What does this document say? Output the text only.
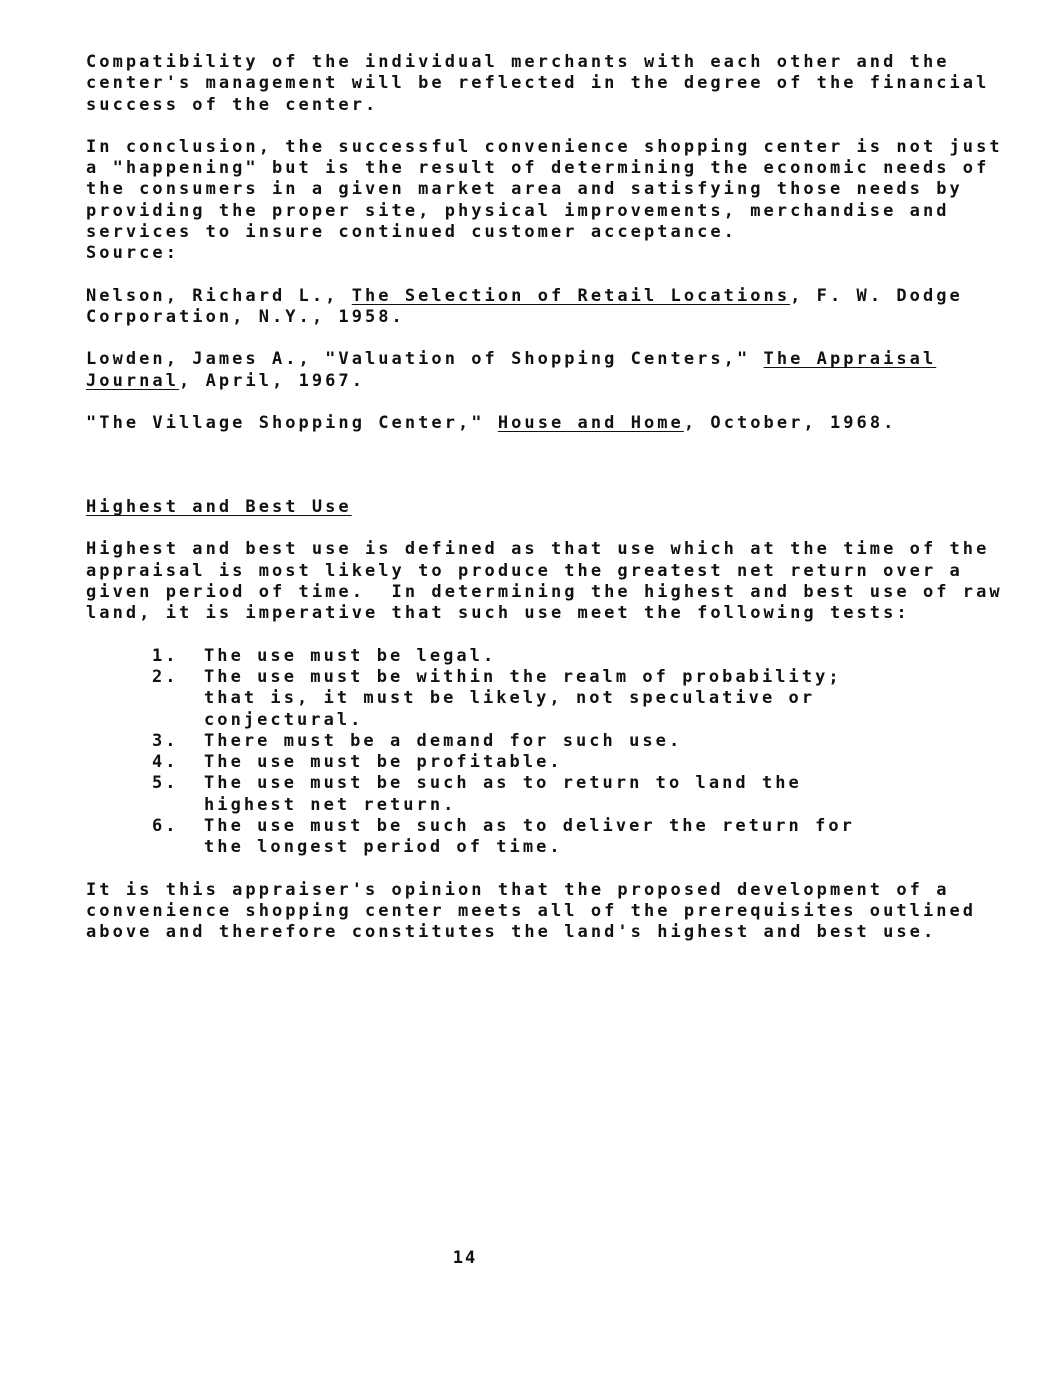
Compatibility of the individual merchants with each other and the
center's management will be reflected in the degree of the financial
success of the center.
In conclusion, the successful convenience shopping center is not just
a "happening" but is the result of determining the economic needs of
the consumers in a given market area and satisfying those needs by
providing the proper site, physical improvements, merchandise and
services to insure continued customer acceptance.
Source:
Nelson, Richard L., The Selection of Retail Locations, F. W. Dodge
Corporation, N.Y., 1958.
Lowden, James A., "Valuation of Shopping Centers," The Appraisal
Journal, April, 1967.
"The Village Shopping Center," House and Home, October, 1968.
Highest and Best Use
Highest and best use is defined as that use which at the time of the
appraisal is most likely to produce the greatest net return over a
given period of time.  In determining the highest and best use of raw
land, it is imperative that such use meet the following tests:
1.	The use must be legal.
2.	The use must be within the realm of probability;
that is, it must be likely, not speculative or
conjectural.
3.	There must be a demand for such use.
4.	The use must be profitable.
5.	The use must be such as to return to land the
highest net return.
6.	The use must be such as to deliver the return for
the longest period of time.
It is this appraiser's opinion that the proposed development of a
convenience shopping center meets all of the prerequisites outlined
above and therefore constitutes the land's highest and best use.
14
